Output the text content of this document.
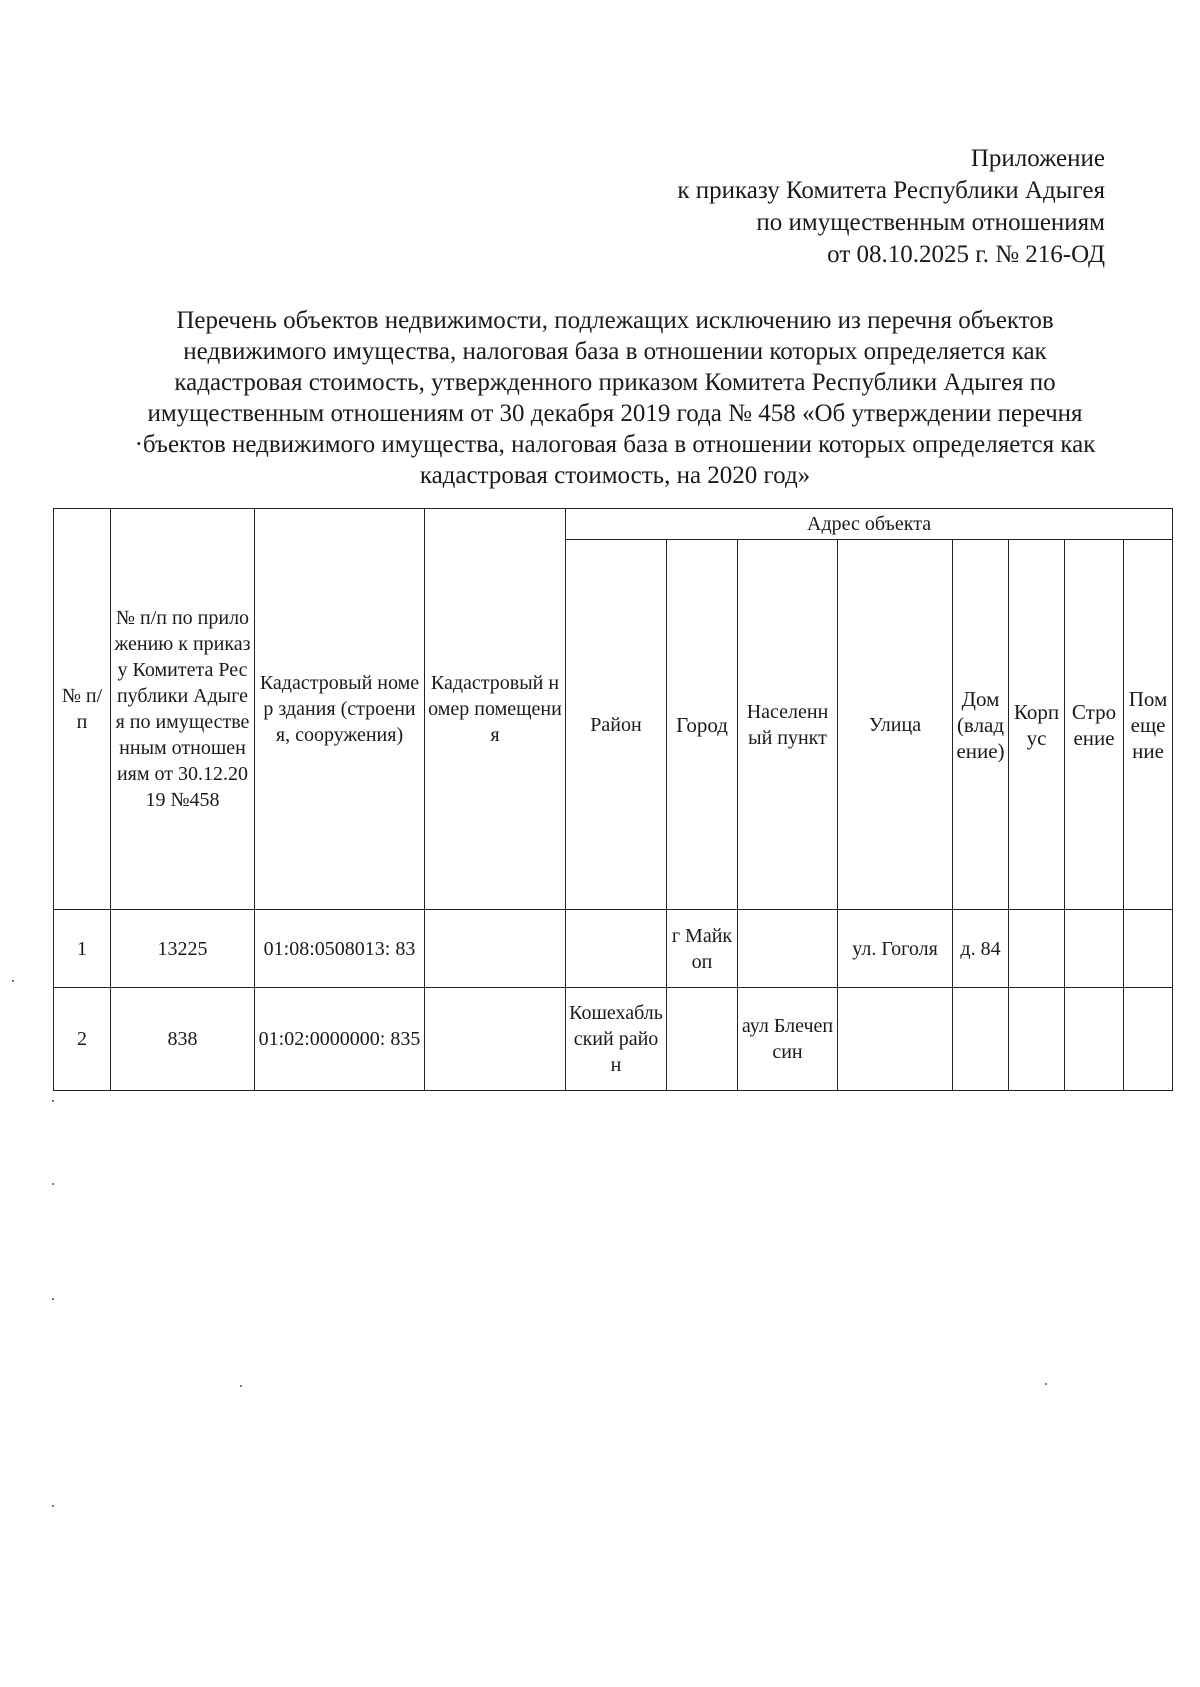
Приложение
к приказу Комитета Республики Адыгея
по имущественным отношениям
от 08.10.2025 г. № 216-ОД
Перечень объектов недвижимости, подлежащих исключению из перечня объектов
недвижимого имущества, налоговая база в отношении которых определяется как
кадастровая стоимость, утвержденного приказом Комитета Республики Адыгея по
имущественным отношениям от 30 декабря 2019 года № 458 «Об утверждении перечня
·бъектов недвижимого имущества, налоговая база в отношении которых определяется как
кадастровая стоимость, на 2020 год»
№ п/п	№ п/п по приложению к приказу Комитета Республики Адыгея по имущественным отношениям от 30.12.2019 №458	Кадастровый номер здания (строения, сооружения)	Кадастровый номер помещения	Адрес объекта							
				Район	Город	Населенный пункт	Улица	Дом (владение)	Корпус	Строение	Помещение
1	13225	01:08:0508013: 83			г Майкоп		ул. Гоголя	д. 84			
2	838	01:02:0000000: 835		Кошехабльский район		аул Блечепсин					
